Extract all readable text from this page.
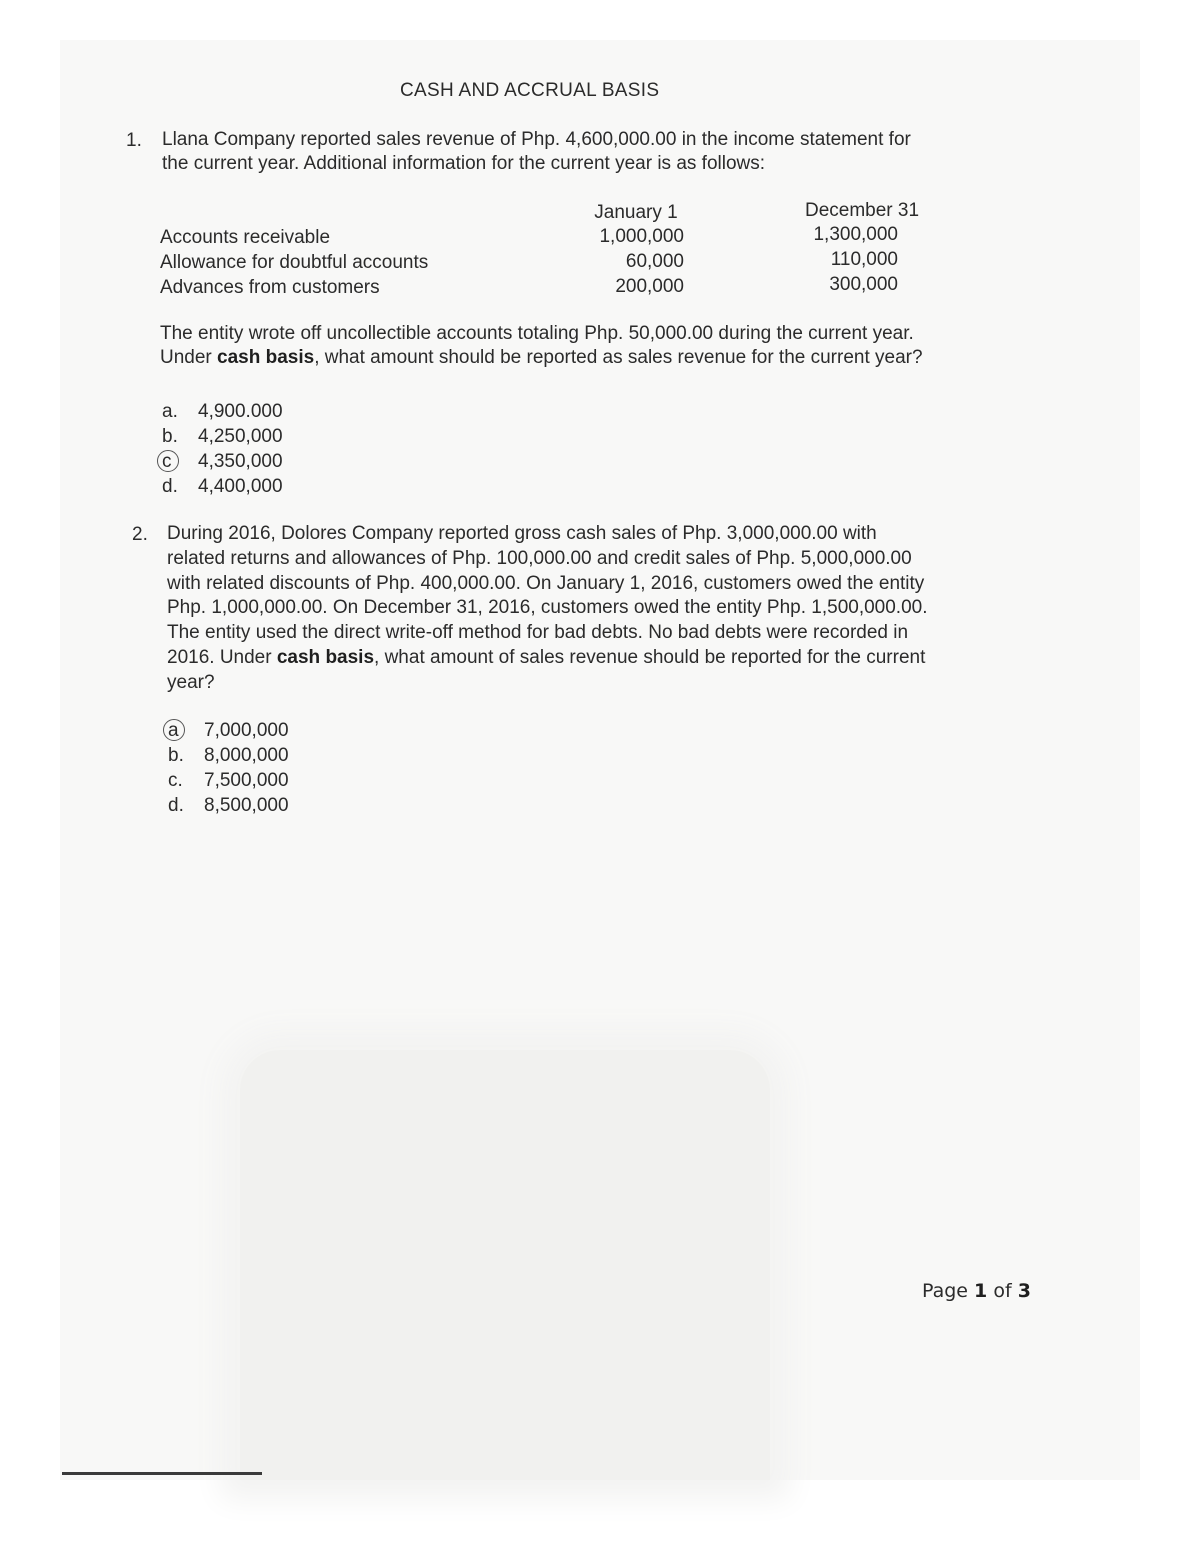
CASH AND ACCRUAL BASIS
1. Llana Company reported sales revenue of Php. 4,600,000.00 in the income statement for
the current year. Additional information for the current year is as follows:
January 1	December 31
Accounts receivable
Allowance for doubtful accounts
Advances from customers
1,000,000
60,000
200,000
1,300,000
110,000
300,000
The entity wrote off uncollectible accounts totaling Php. 50,000.00 during the current year.
Under cash basis, what amount should be reported as sales revenue for the current year?
a. 4,900.000
b. 4,250,000
c 4,350,000
d. 4,400,000
2. During 2016, Dolores Company reported gross cash sales of Php. 3,000,000.00 with
related returns and allowances of Php. 100,000.00 and credit sales of Php. 5,000,000.00
with related discounts of Php. 400,000.00. On January 1, 2016, customers owed the entity
Php. 1,000,000.00. On December 31, 2016, customers owed the entity Php. 1,500,000.00.
The entity used the direct write-off method for bad debts. No bad debts were recorded in
2016. Under cash basis, what amount of sales revenue should be reported for the current
year?
a 7,000,000
b. 8,000,000
c. 7,500,000
d. 8,500,000
Page 1 of 3
